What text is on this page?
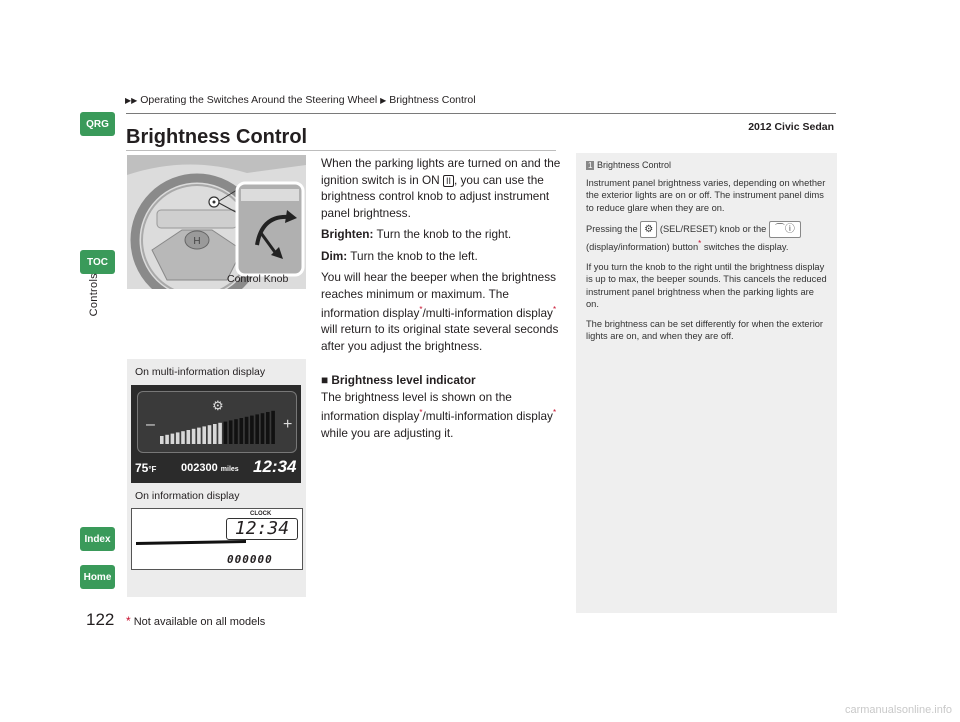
▶▶ Operating the Switches Around the Steering Wheel ▶ Brightness Control
2012 Civic Sedan
QRG
TOC
Controls
Index
Home
122
Brightness Control
H
Control Knob

When the parking lights are turned on and the ignition switch is in ON II , you can use the brightness control knob to adjust instrument panel brightness.

Brighten: Turn the knob to the right.

Dim: Turn the knob to the left.

You will hear the beeper when the brightness reaches minimum or maximum. The information display*/multi-information display* will return to its original state several seconds after you adjust the brightness.

■ Brightness level indicator

The brightness level is shown on the information display*/multi-information display* while you are adjusting it.

On multi-information display
⚙
–	+
75°F 002300 miles 12:34
On information display
CLOCK
12:34
000000
1 Brightness Control

Instrument panel brightness varies, depending on whether the exterior lights are on or off. The instrument panel dims to reduce glare when they are on.

Pressing the ⚙ (SEL/RESET) knob or the ⌒ⓘ (display/information) button* switches the display.

If you turn the knob to the right until the brightness display is up to max, the beeper sounds. This cancels the reduced instrument panel brightness when the parking lights are on.

The brightness can be set differently for when the exterior lights are on, and when they are off.

* Not available on all models
carmanualsonline.info
